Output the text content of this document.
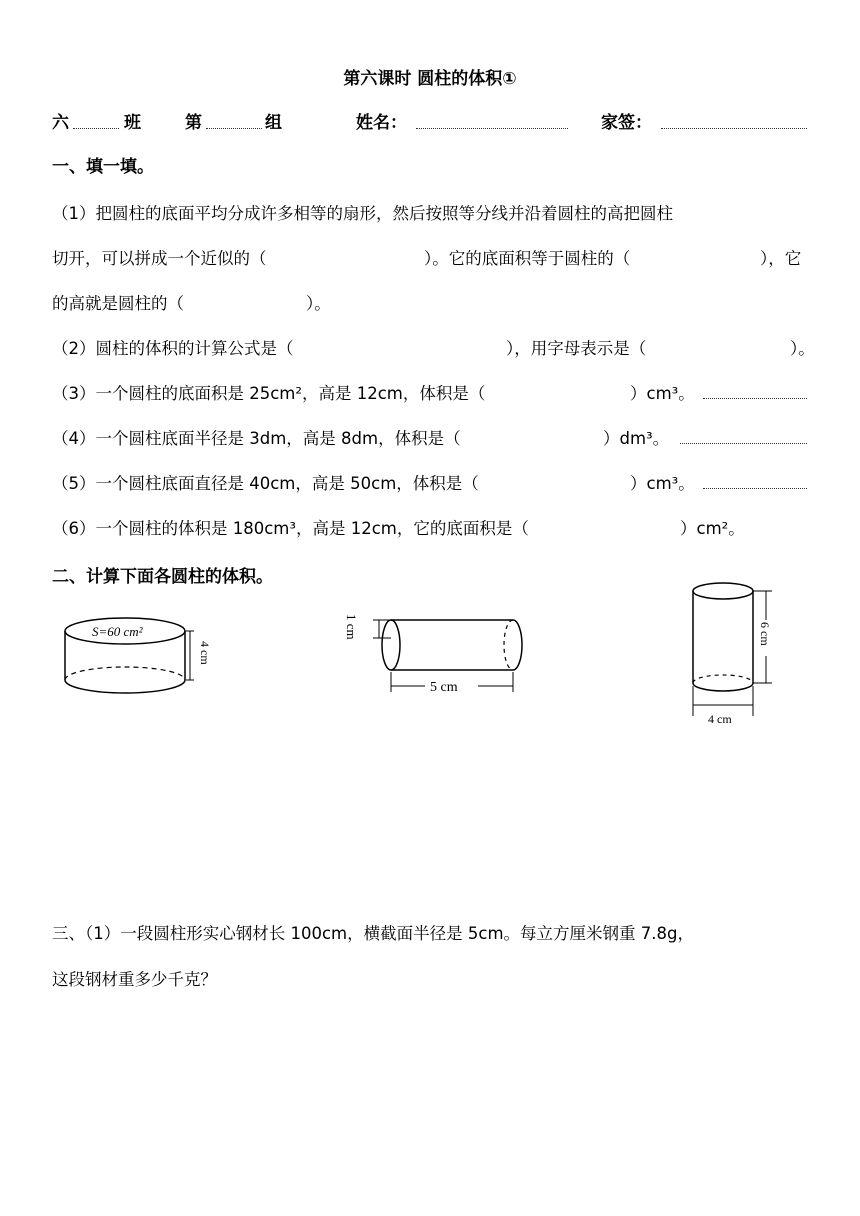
第六课时 圆柱的体积①
六	班	第	组	姓名：	家签：
一、填一填。
（1）把圆柱的底面平均分成许多相等的扇形，然后按照等分线并沿着圆柱的高把圆柱
切开，可以拼成一个近似的（	）。它的底面积等于圆柱的（	），它
的高就是圆柱的（	）。
（2）圆柱的体积的计算公式是（	），用字母表示是（	）。
（3）一个圆柱的底面积是 25cm²，高是 12cm，体积是（	）cm³。
（4）一个圆柱底面半径是 3dm，高是 8dm，体积是（	）dm³。
（5）一个圆柱底面直径是 40cm，高是 50cm，体积是（	）cm³。
（6）一个圆柱的体积是 180cm³，高是 12cm，它的底面积是（	）cm²。
二、计算下面各圆柱的体积。
S=60 cm²
4 cm
1 cm
5 cm
6 cm
4 cm
三、（1）一段圆柱形实心钢材长 100cm，横截面半径是 5cm。每立方厘米钢重 7.8g，
这段钢材重多少千克？
